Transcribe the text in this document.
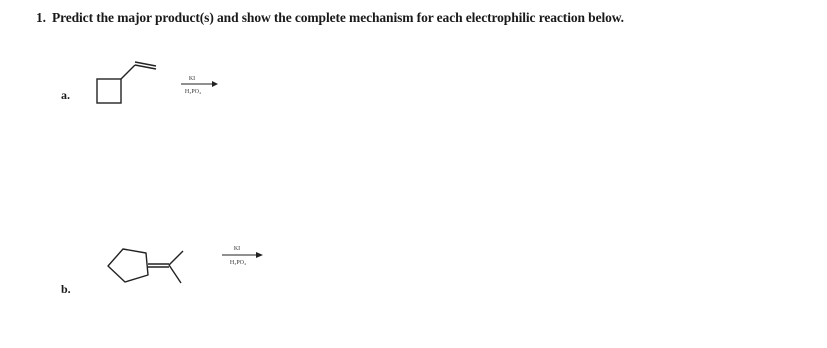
1. Predict the major product(s) and show the complete mechanism for each electrophilic reaction below.
a.
b.
KI
H₃PO₄
KI
H₃PO₄
